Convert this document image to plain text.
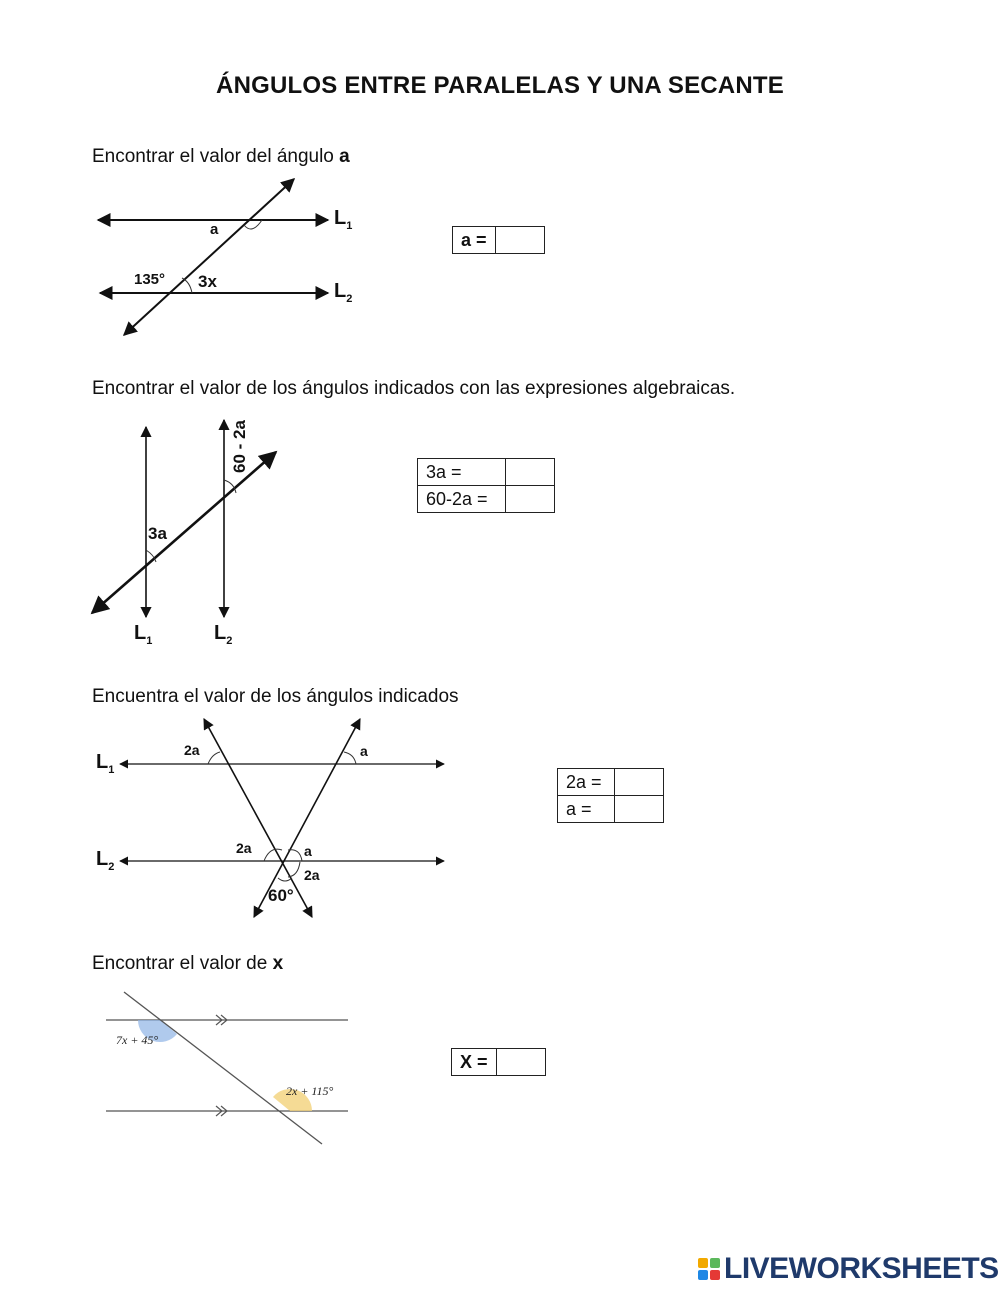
ÁNGULOS ENTRE PARALELAS Y UNA SECANTE
Encontrar el valor del ángulo a
$L_1$
$L_2$
a
135° 3x
a =	
Encontrar el valor de los ángulos indicados con las expresiones algebraicas.
3a
60 - 2a
$L_1$	$L_2$
3a =	
60-2a =	
Encuentra el valor de los ángulos indicados
$L_1$
$L_2$
2a	a
2a	a
2a
60°
2a =	
a =	
Encontrar el valor de x
7x + 45°
2x + 115°
X =	
LIVEWORKSHEETS
